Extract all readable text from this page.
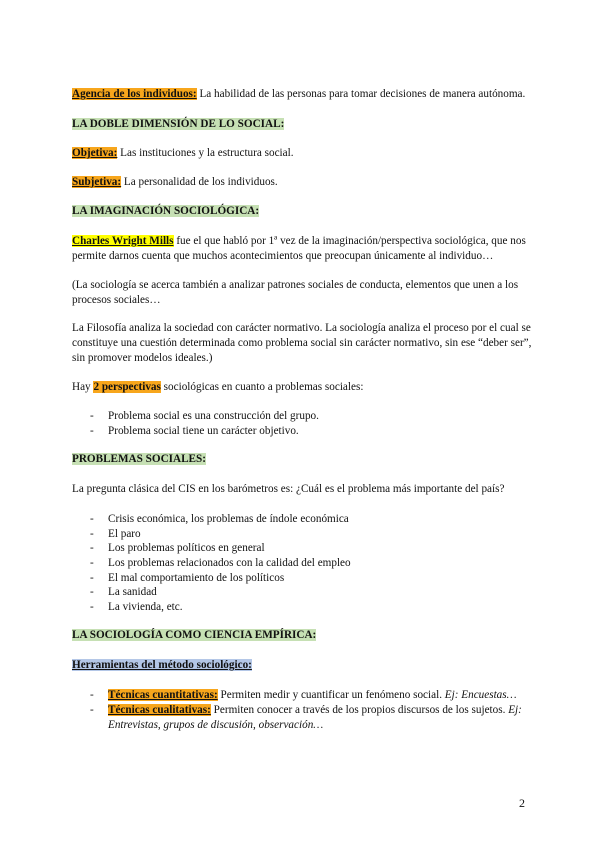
Agencia de los individuos: La habilidad de las personas para tomar decisiones de manera autónoma.
LA DOBLE DIMENSIÓN DE LO SOCIAL:
Objetiva: Las instituciones y la estructura social.
Subjetiva: La personalidad de los individuos.
LA IMAGINACIÓN SOCIOLÓGICA:
Charles Wright Mills fue el que habló por 1ª vez de la imaginación/perspectiva sociológica, que nos permite darnos cuenta que muchos acontecimientos que preocupan únicamente al individuo…
(La sociología se acerca también a analizar patrones sociales de conducta, elementos que unen a los procesos sociales…
La Filosofía analiza la sociedad con carácter normativo. La sociología analiza el proceso por el cual se constituye una cuestión determinada como problema social sin carácter normativo, sin ese “deber ser”, sin promover modelos ideales.)
Hay 2 perspectivas sociológicas en cuanto a problemas sociales:
- Problema social es una construcción del grupo.
- Problema social tiene un carácter objetivo.
PROBLEMAS SOCIALES:
La pregunta clásica del CIS en los barómetros es: ¿Cuál es el problema más importante del país?
- Crisis económica, los problemas de índole económica
- El paro
- Los problemas políticos en general
- Los problemas relacionados con la calidad del empleo
- El mal comportamiento de los políticos
- La sanidad
- La vivienda, etc.
LA SOCIOLOGÍA COMO CIENCIA EMPÍRICA:
Herramientas del método sociológico:
- Técnicas cuantitativas: Permiten medir y cuantificar un fenómeno social. Ej: Encuestas…
- Técnicas cualitativas: Permiten conocer a través de los propios discursos de los sujetos. Ej: Entrevistas, grupos de discusión, observación…
2
